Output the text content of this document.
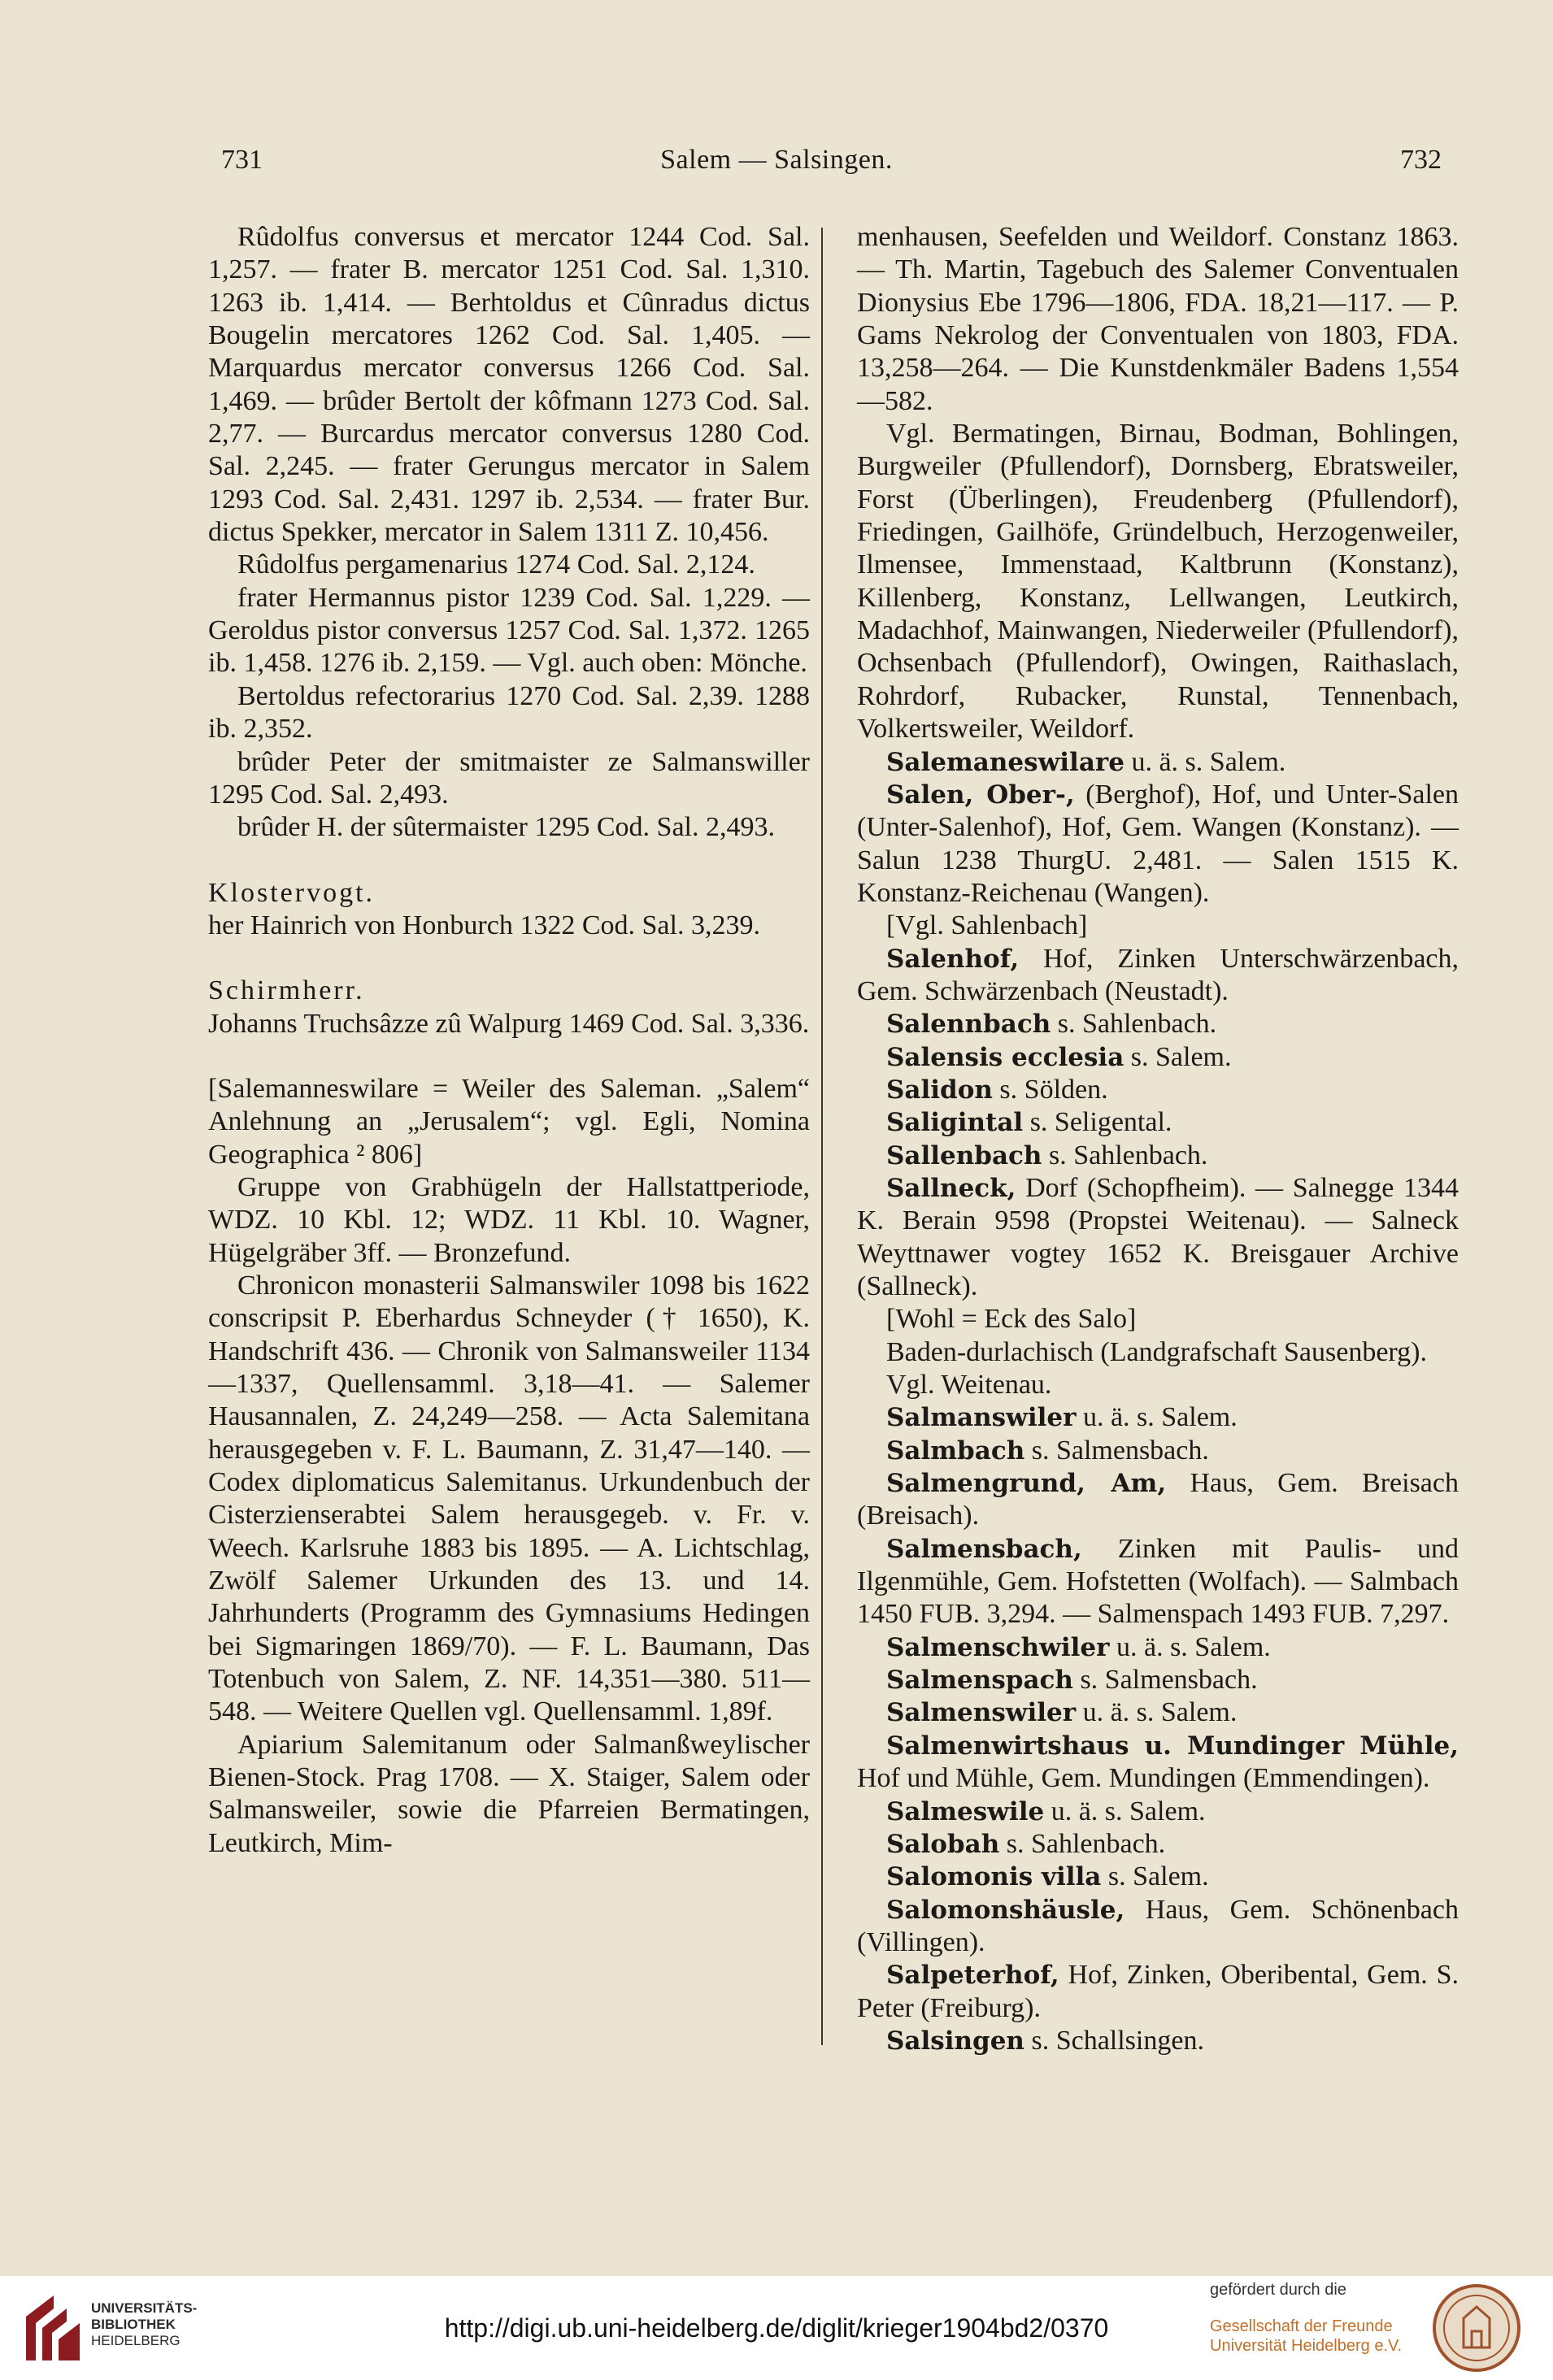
731	Salem — Salsingen.	732

Rûdolfus conversus et mercator 1244 Cod. Sal. 1,257. — frater B. mercator 1251 Cod. Sal. 1,310. 1263 ib. 1,414. — Berhtoldus et Cûnradus dictus Bougelin mercatores 1262 Cod. Sal. 1,405. — Marquardus mercator conversus 1266 Cod. Sal. 1,469. — brûder Bertolt der kôfmann 1273 Cod. Sal. 2,77. — Burcardus mercator conversus 1280 Cod. Sal. 2,245. — frater Gerungus mercator in Salem 1293 Cod. Sal. 2,431. 1297 ib. 2,534. — frater Bur. dictus Spekker, mercator in Salem 1311 Z. 10,456.

Rûdolfus pergamenarius 1274 Cod. Sal. 2,124.

frater Hermannus pistor 1239 Cod. Sal. 1,229. — Geroldus pistor conversus 1257 Cod. Sal. 1,372. 1265 ib. 1,458. 1276 ib. 2,159. — Vgl. auch oben: Mönche.

Bertoldus refectorarius 1270 Cod. Sal. 2,39. 1288 ib. 2,352.

brûder Peter der smitmaister ze Salmanswiller 1295 Cod. Sal. 2,493.

brûder H. der sûtermaister 1295 Cod. Sal. 2,493.

Klostervogt.

her Hainrich von Honburch 1322 Cod. Sal. 3,239.

Schirmherr.

Johanns Truchsâzze zû Walpurg 1469 Cod. Sal. 3,336.

[Salemanneswilare = Weiler des Saleman. „Salem“ Anlehnung an „Jerusalem“; vgl. Egli, Nomina Geographica ² 806]

Gruppe von Grabhügeln der Hallstattperiode, WDZ. 10 Kbl. 12; WDZ. 11 Kbl. 10. Wagner, Hügelgräber 3ff. — Bronzefund.

Chronicon monasterii Salmanswiler 1098 bis 1622 conscripsit P. Eberhardus Schneyder († 1650), K. Handschrift 436. — Chronik von Salmansweiler 1134—1337, Quellensamml. 3,18—41. — Salemer Hausannalen, Z. 24,249—258. — Acta Salemitana herausgegeben v. F. L. Baumann, Z. 31,47—140. — Codex diplomaticus Salemitanus. Urkundenbuch der Cisterzienserabtei Salem herausgegeb. v. Fr. v. Weech. Karlsruhe 1883 bis 1895. — A. Lichtschlag, Zwölf Salemer Urkunden des 13. und 14. Jahrhunderts (Programm des Gymnasiums Hedingen bei Sigmaringen 1869/70). — F. L. Baumann, Das Totenbuch von Salem, Z. NF. 14,351—380. 511—548. — Weitere Quellen vgl. Quellensamml. 1,89f.

Apiarium Salemitanum oder Salmanßweylischer Bienen-Stock. Prag 1708. — X. Staiger, Salem oder Salmansweiler, sowie die Pfarreien Bermatingen, Leutkirch, Mim-

menhausen, Seefelden und Weildorf. Constanz 1863. — Th. Martin, Tagebuch des Salemer Conventualen Dionysius Ebe 1796—1806, FDA. 18,21—117. — P. Gams Nekrolog der Conventualen von 1803, FDA. 13,258—264. — Die Kunstdenkmäler Badens 1,554—582.

Vgl. Bermatingen, Birnau, Bodman, Bohlingen, Burgweiler (Pfullendorf), Dornsberg, Ebratsweiler, Forst (Überlingen), Freudenberg (Pfullendorf), Friedingen, Gailhöfe, Gründelbuch, Herzogenweiler, Ilmensee, Immenstaad, Kaltbrunn (Konstanz), Killenberg, Konstanz, Lellwangen, Leutkirch, Madachhof, Mainwangen, Niederweiler (Pfullendorf), Ochsenbach (Pfullendorf), Owingen, Raithaslach, Rohrdorf, Rubacker, Runstal, Tennenbach, Volkertsweiler, Weildorf.

Salemaneswilare u. ä. s. Salem.

Salen, Ober-, (Berghof), Hof, und Unter-Salen (Unter-Salenhof), Hof, Gem. Wangen (Konstanz). — Salun 1238 ThurgU. 2,481. — Salen 1515 K. Konstanz-Reichenau (Wangen).

[Vgl. Sahlenbach]

Salenhof, Hof, Zinken Unterschwärzenbach, Gem. Schwärzenbach (Neustadt).

Salennbach s. Sahlenbach.

Salensis ecclesia s. Salem.

Salidon s. Sölden.

Saligintal s. Seligental.

Sallenbach s. Sahlenbach.

Sallneck, Dorf (Schopfheim). — Salnegge 1344 K. Berain 9598 (Propstei Weitenau). — Salneck Weyttnawer vogtey 1652 K. Breisgauer Archive (Sallneck).

[Wohl = Eck des Salo]

Baden-durlachisch (Landgrafschaft Sausenberg).

Vgl. Weitenau.

Salmanswiler u. ä. s. Salem.

Salmbach s. Salmensbach.

Salmengrund, Am, Haus, Gem. Breisach (Breisach).

Salmensbach, Zinken mit Paulis- und Ilgenmühle, Gem. Hofstetten (Wolfach). — Salmbach 1450 FUB. 3,294. — Salmenspach 1493 FUB. 7,297.

Salmenschwiler u. ä. s. Salem.

Salmenspach s. Salmensbach.

Salmenswiler u. ä. s. Salem.

Salmenwirtshaus u. Mundinger Mühle, Hof und Mühle, Gem. Mundingen (Emmendingen).

Salmeswile u. ä. s. Salem.

Salobah s. Sahlenbach.

Salomonis villa s. Salem.

Salomonshäusle, Haus, Gem. Schönenbach (Villingen).

Salpeterhof, Hof, Zinken, Oberibental, Gem. S. Peter (Freiburg).

Salsingen s. Schallsingen.

UNIVERSITÄTS-
BIBLIOTHEK
HEIDELBERG	http://digi.ub.uni-heidelberg.de/diglit/krieger1904bd2/0370
gefördert durch die
Gesellschaft der Freunde
Universität Heidelberg e.V.
